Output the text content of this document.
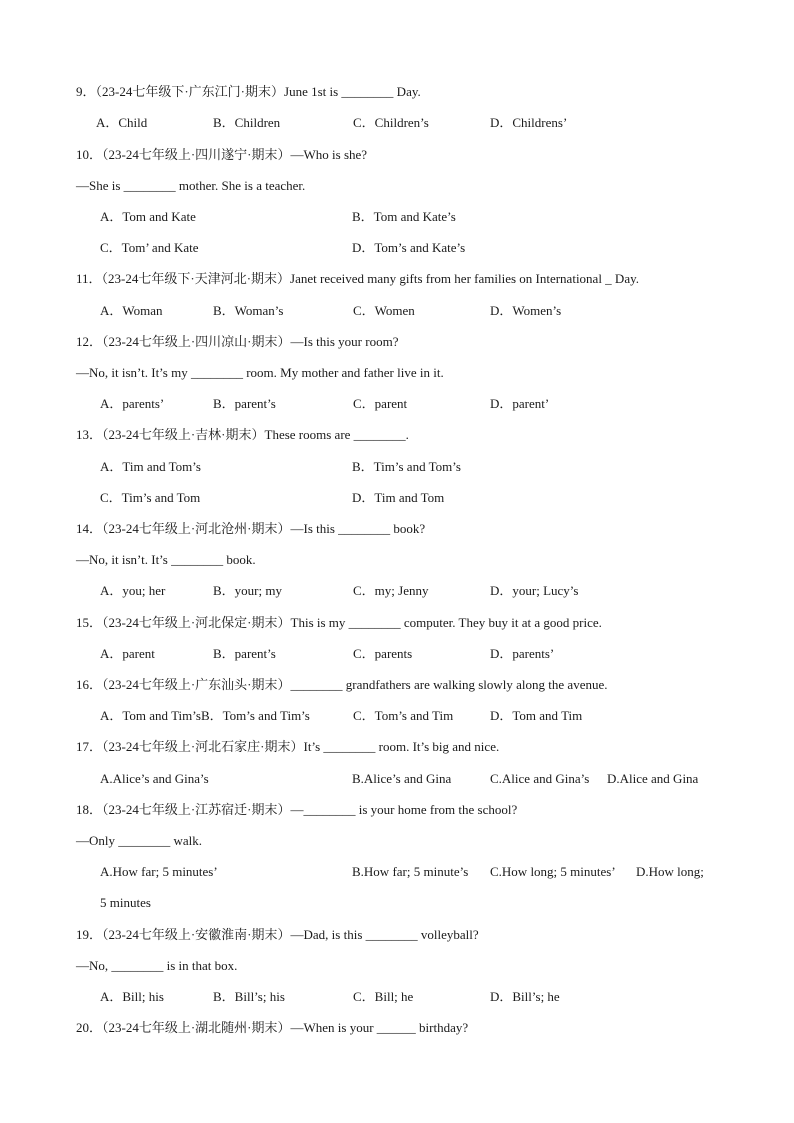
9．（23-24七年级下·广东江门·期末）June 1st is ________ Day.
A．Child	B．Children	C．Children’s	D．Childrens’
10．（23-24七年级上·四川遂宁·期末）—Who is she?
—She is ________ mother. She is a teacher.
A．Tom and Kate	B．Tom and Kate’s
C．Tom’ and Kate	D．Tom’s and Kate’s
11．（23-24七年级下·天津河北·期末）Janet received many gifts from her families on International _ Day.
A．Woman	B．Woman’s	C．Women	D．Women’s
12．（23-24七年级上·四川凉山·期末）—Is this your room?
—No, it isn’t. It’s my ________ room. My mother and father live in it.
A．parents’	B．parent’s	C．parent	D．parent’
13．（23-24七年级上·吉林·期末）These rooms are ________.
A．Tim and Tom’s	B．Tim’s and Tom’s
C．Tim’s and Tom	D．Tim and Tom
14．（23-24七年级上·河北沧州·期末）—Is this ________ book?
—No, it isn’t. It’s ________ book.
A．you; her	B．your; my	C．my; Jenny	D．your; Lucy’s
15．（23-24七年级上·河北保定·期末）This is my ________ computer. They buy it at a good price.
A．parent	B．parent’s	C．parents	D．parents’
16．（23-24七年级上·广东汕头·期末）________ grandfathers are walking slowly along the avenue.
A．Tom and Tim’sB．Tom’s and Tim’s	C．Tom’s and Tim	D．Tom and Tim
17．（23-24七年级上·河北石家庄·期末）It’s ________ room. It’s big and nice.
A.Alice’s and Gina’s	B.Alice’s and Gina	C.Alice and Gina’s D.Alice and Gina
18．（23-24七年级上·江苏宿迁·期末）—________ is your home from the school?
—Only ________ walk.
A.How far; 5 minutes’	B.How far; 5 minute’s C.How long; 5 minutes’ D.How long;
5 minutes
19．（23-24七年级上·安徽淮南·期末）—Dad, is this ________ volleyball?
—No, ________ is in that box.
A．Bill; his	B．Bill’s; his	C．Bill; he	D．Bill’s; he
20．（23-24七年级上·湖北随州·期末）—When is your ______ birthday?
